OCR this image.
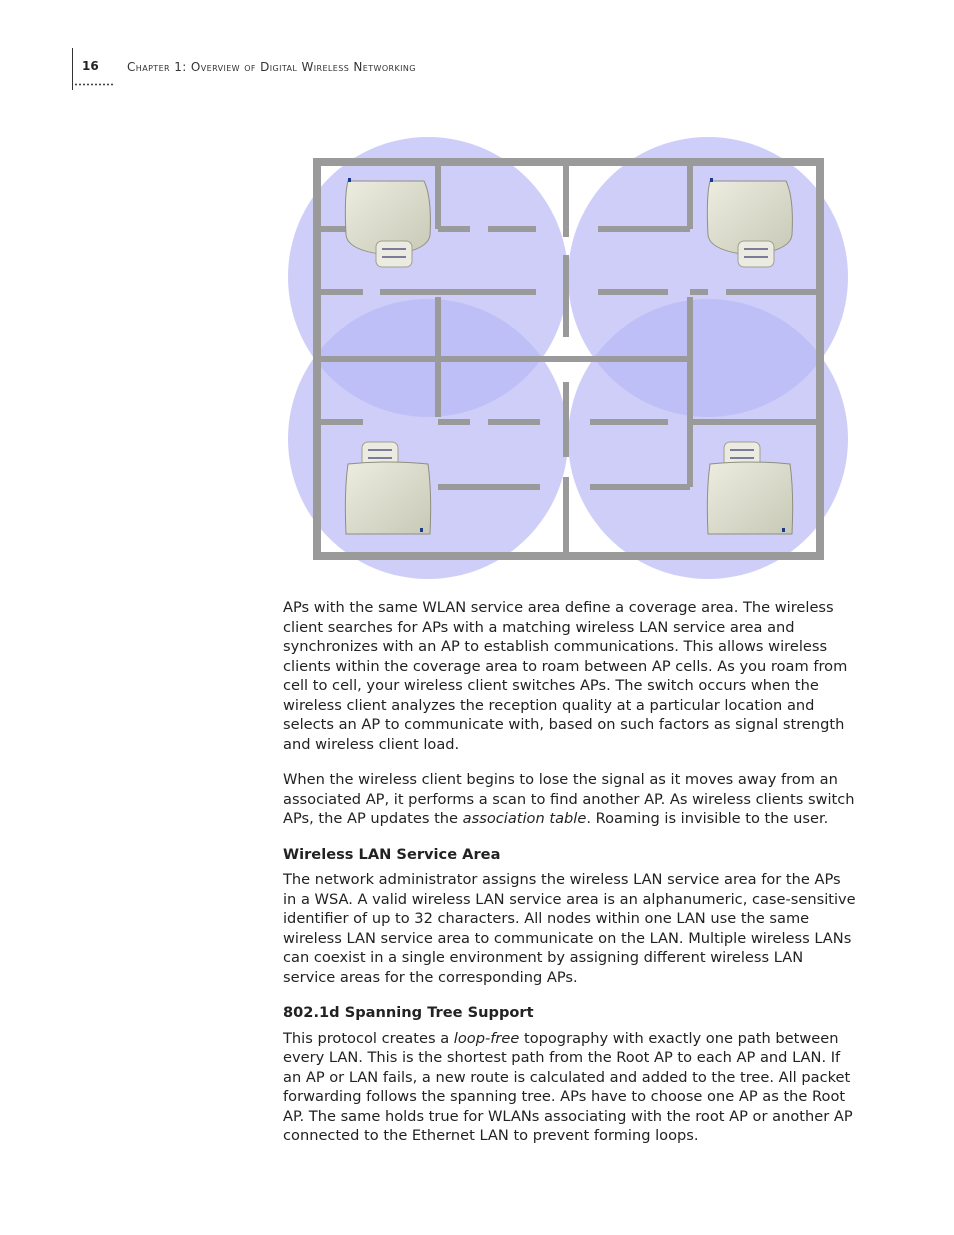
16 Chapter 1: Overview of Digital Wireless Networking

APs with the same WLAN service area define a coverage area. The wireless client searches for APs with a matching wireless LAN service area and synchronizes with an AP to establish communications. This allows wireless clients within the coverage area to roam between AP cells. As you roam from cell to cell, your wireless client switches APs. The switch occurs when the wireless client analyzes the reception quality at a particular location and selects an AP to communicate with, based on such factors as signal strength and wireless client load.

When the wireless client begins to lose the signal as it moves away from an associated AP, it performs a scan to find another AP. As wireless clients switch APs, the AP updates the association table. Roaming is invisible to the user.

Wireless LAN Service Area

The network administrator assigns the wireless LAN service area for the APs in a WSA. A valid wireless LAN service area is an alphanumeric, case-sensitive identifier of up to 32 characters. All nodes within one LAN use the same wireless LAN service area to communicate on the LAN. Multiple wireless LANs can coexist in a single environment by assigning different wireless LAN service areas for the corresponding APs.

802.1d Spanning Tree Support

This protocol creates a loop-free topography with exactly one path between every LAN. This is the shortest path from the Root AP to each AP and LAN. If an AP or LAN fails, a new route is calculated and added to the tree. All packet forwarding follows the spanning tree. APs have to choose one AP as the Root AP. The same holds true for WLANs associating with the root AP or another AP connected to the Ethernet LAN to prevent forming loops.
